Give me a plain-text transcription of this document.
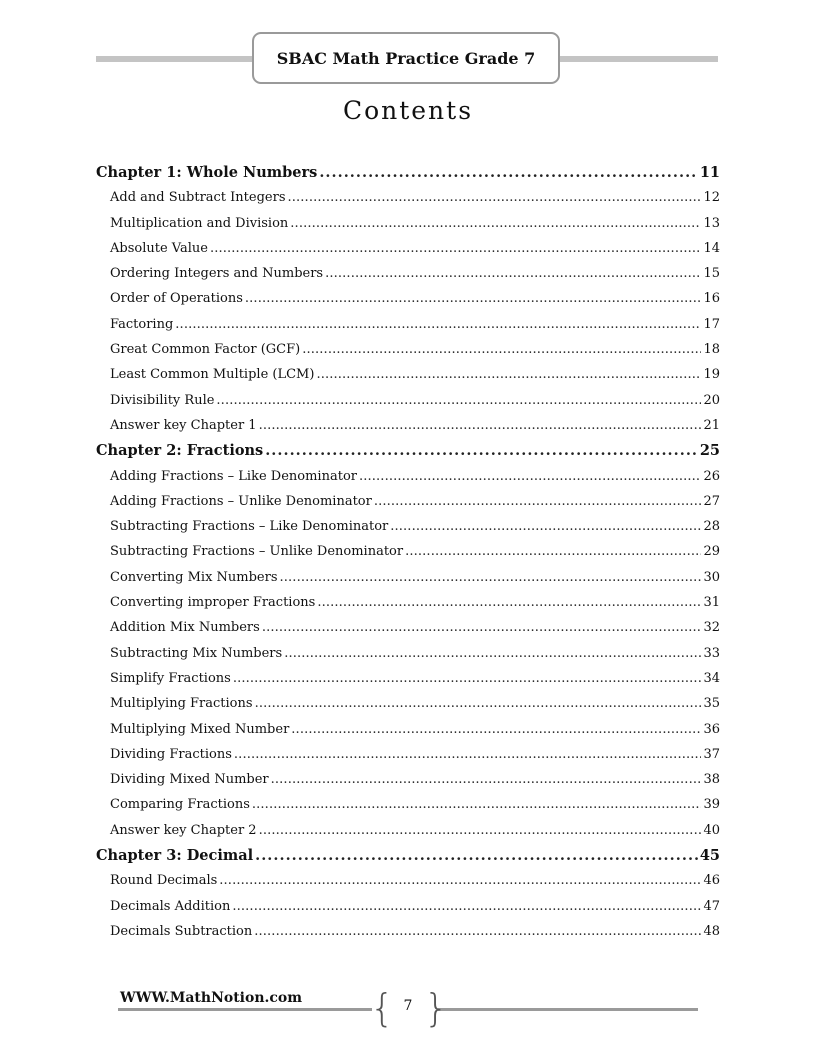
SBAC Math Practice Grade 7
Contents
Chapter 1: Whole Numbers . . .	11
Add and Subtract Integers . . .	12
Multiplication and Division . . .	13
Absolute Value . . .	14
Ordering Integers and Numbers . . .	15
Order of Operations . . .	16
Factoring . . .	17
Great Common Factor (GCF) . . .	18
Least Common Multiple (LCM) . . .	19
Divisibility Rule . . .	20
Answer key Chapter 1 . . .	21
Chapter 2: Fractions . . .	25
Adding Fractions – Like Denominator . . .	26
Adding Fractions – Unlike Denominator . . .	27
Subtracting Fractions – Like Denominator . . .	28
Subtracting Fractions – Unlike Denominator . . .	29
Converting Mix Numbers . . .	30
Converting improper Fractions . . .	31
Addition Mix Numbers . . .	32
Subtracting Mix Numbers . . .	33
Simplify Fractions . . .	34
Multiplying Fractions . . .	35
Multiplying Mixed Number . . .	36
Dividing Fractions . . .	37
Dividing Mixed Number . . .	38
Comparing Fractions . . .	39
Answer key Chapter 2 . . .	40
Chapter 3: Decimal . . .	45
Round Decimals . . .	46
Decimals Addition . . .	47
Decimals Subtraction . . .	48
WWW.MathNotion.com { 7 }
